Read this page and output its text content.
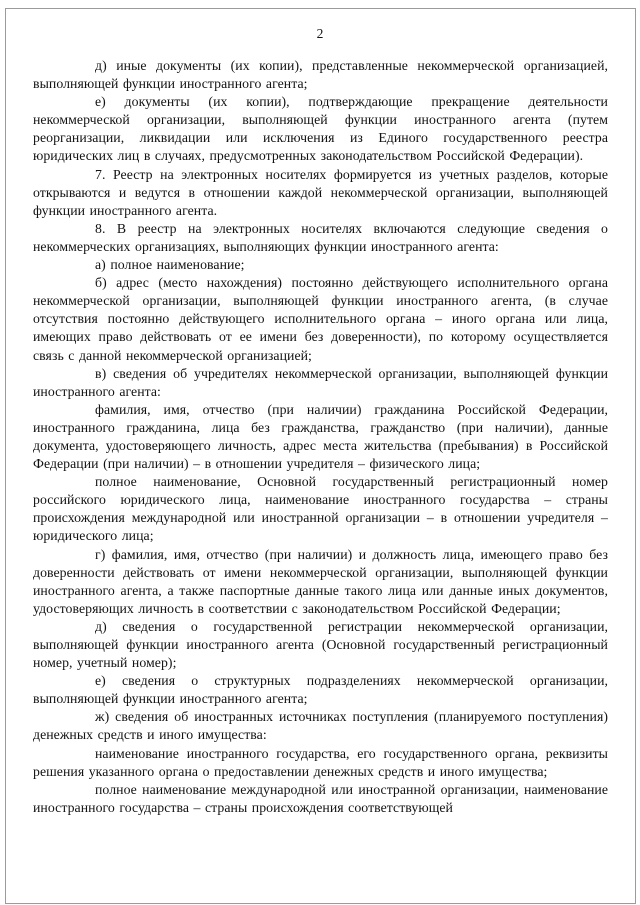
2

д) иные документы (их копии), представленные некоммерческой организацией, выполняющей функции иностранного агента;

е) документы (их копии), подтверждающие прекращение деятельности некоммерческой организации, выполняющей функции иностранного агента (путем реорганизации, ликвидации или исключения из Единого государственного реестра юридических лиц в случаях, предусмотренных законодательством Российской Федерации).

7. Реестр на электронных носителях формируется из учетных разделов, которые открываются и ведутся в отношении каждой некоммерческой организации, выполняющей функции иностранного агента.

8. В реестр на электронных носителях включаются следующие сведения о некоммерческих организациях, выполняющих функции иностранного агента:

а) полное наименование;

б) адрес (место нахождения) постоянно действующего исполнительного органа некоммерческой организации, выполняющей функции иностранного агента, (в случае отсутствия постоянно действующего исполнительного органа – иного органа или лица, имеющих право действовать от ее имени без доверенности), по которому осуществляется связь с данной некоммерческой организацией;

в) сведения об учредителях некоммерческой организации, выполняющей функции иностранного агента:

фамилия, имя, отчество (при наличии) гражданина Российской Федерации, иностранного гражданина, лица без гражданства, гражданство (при наличии), данные документа, удостоверяющего личность, адрес места жительства (пребывания) в Российской Федерации (при наличии) – в отношении учредителя – физического лица;

полное наименование, Основной государственный регистрационный номер российского юридического лица, наименование иностранного государства – страны происхождения международной или иностранной организации – в отношении учредителя – юридического лица;

г) фамилия, имя, отчество (при наличии) и должность лица, имеющего право без доверенности действовать от имени некоммерческой организации, выполняющей функции иностранного агента, а также паспортные данные такого лица или данные иных документов, удостоверяющих личность в соответствии с законодательством Российской Федерации;

д) сведения о государственной регистрации некоммерческой организации, выполняющей функции иностранного агента (Основной государственный регистрационный номер, учетный номер);

е) сведения о структурных подразделениях некоммерческой организации, выполняющей функции иностранного агента;

ж) сведения об иностранных источниках поступления (планируемого поступления) денежных средств и иного имущества:

наименование иностранного государства, его государственного органа, реквизиты решения указанного органа о предоставлении денежных средств и иного имущества;

полное наименование международной или иностранной организации, наименование иностранного государства – страны происхождения соответствующей
